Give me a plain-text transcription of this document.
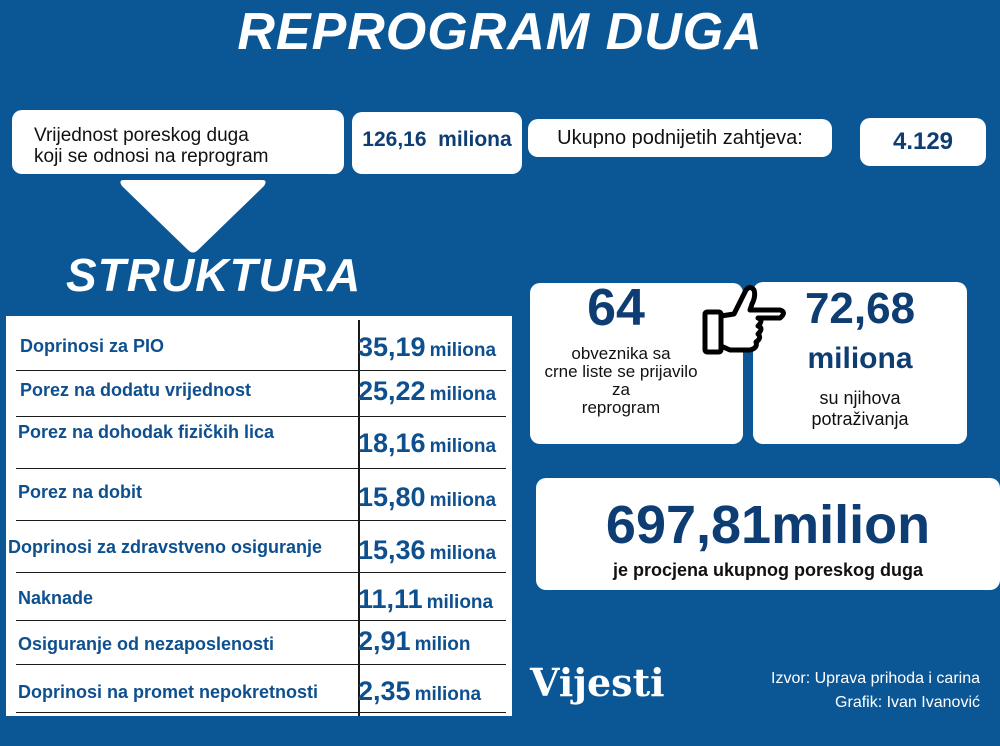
REPROGRAM DUGA
Vrijednost poreskog duga
koji se odnosi na reprogram
126,16  miliona	Ukupno podnijetih zahtjeva:	4.129
STRUKTURA
Doprinosi za PIO	35,19 miliona
Porez na dodatu vrijednost	25,22 miliona
Porez na dohodak fizičkih lica	18,16 miliona
Porez na dobit	15,80 miliona
Doprinosi za zdravstveno osiguranje 15,36 miliona
Naknade	11,11 miliona
Osiguranje od nezaposlenosti	2,91 milion
Doprinosi na promet nepokretnosti 2,35 miliona
64
obveznika sa
crne liste se prijavilo
za
reprogram
72,68
miliona
su njihova
potraživanja
697,81milion
je procjena ukupnog poreskog duga
Vijesti	Izvor: Uprava prihoda i carina
Grafik: Ivan Ivanović
